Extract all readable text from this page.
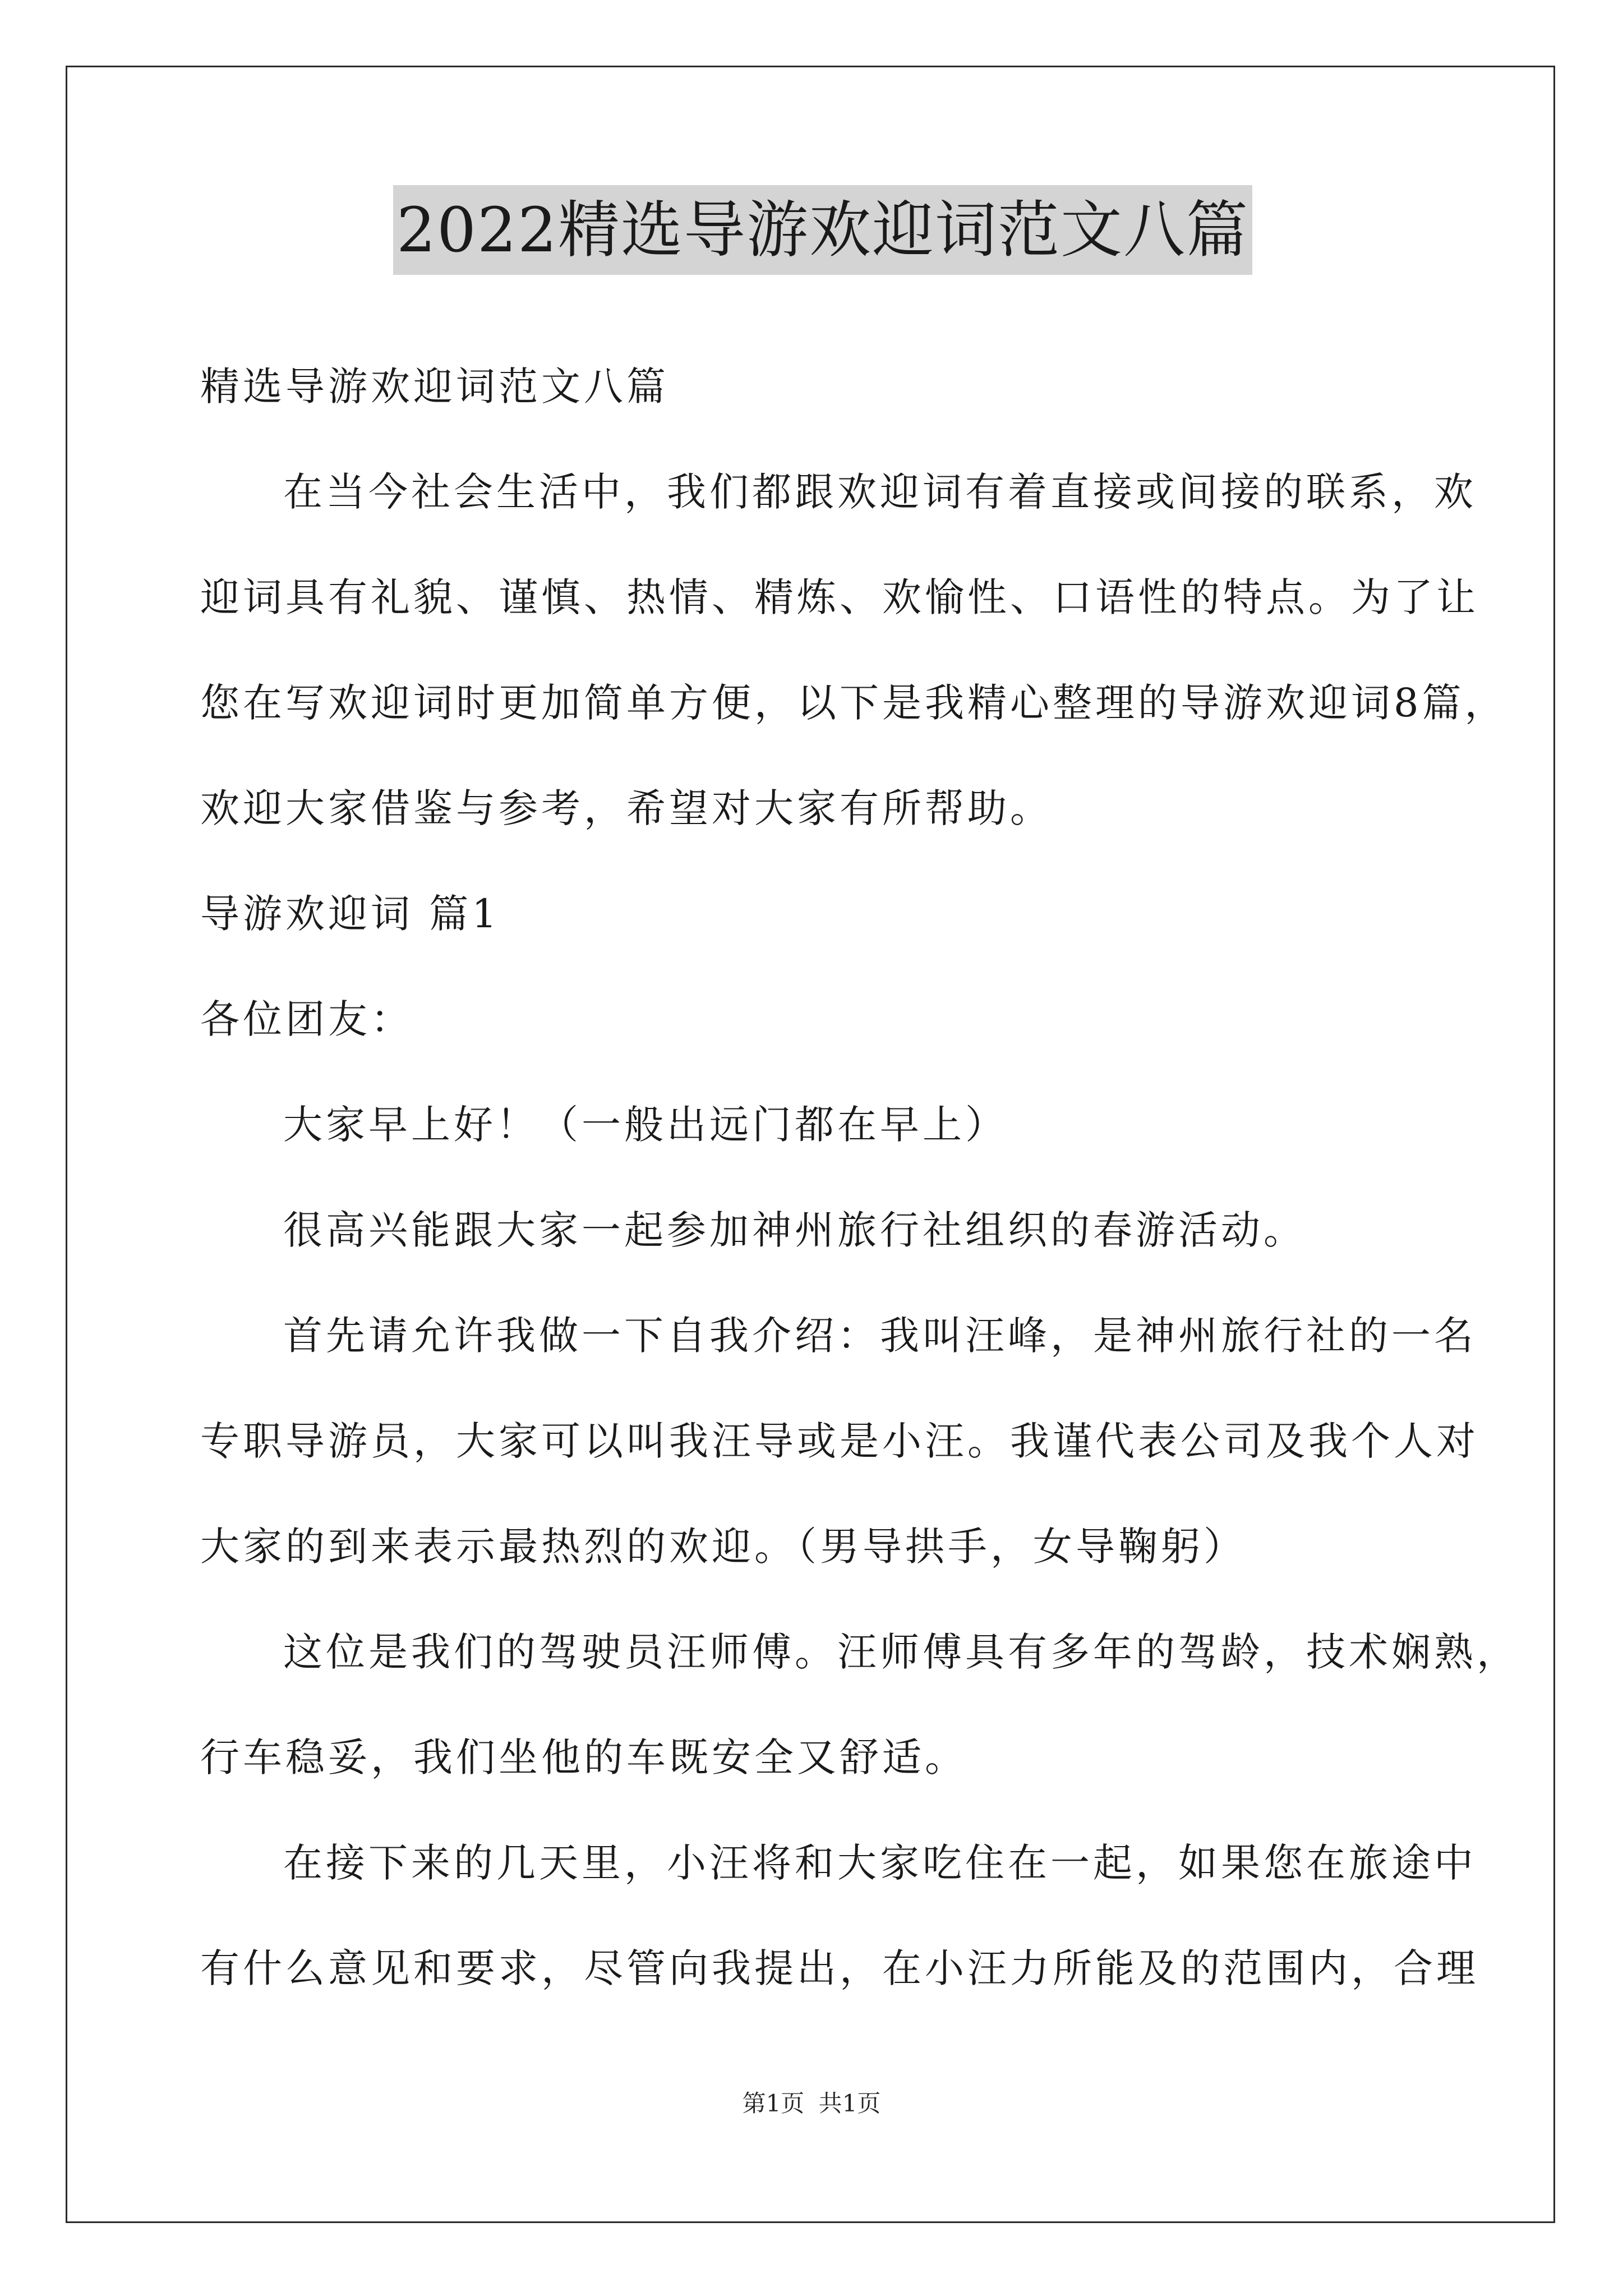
2022精选导游欢迎词范文八篇
精选导游欢迎词范文八篇
在当今社会生活中，我们都跟欢迎词有着直接或间接的联系，欢
迎词具有礼貌、谨慎、热情、精炼、欢愉性、口语性的特点。为了让
您在写欢迎词时更加简单方便，以下是我精心整理的导游欢迎词8篇，
欢迎大家借鉴与参考，希望对大家有所帮助。
导游欢迎词 篇1
各位团友：
大家早上好！（一般出远门都在早上）
很高兴能跟大家一起参加神州旅行社组织的春游活动。
首先请允许我做一下自我介绍：我叫汪峰，是神州旅行社的一名
专职导游员，大家可以叫我汪导或是小汪。我谨代表公司及我个人对
大家的到来表示最热烈的欢迎。（男导拱手，女导鞠躬）
这位是我们的驾驶员汪师傅。汪师傅具有多年的驾龄，技术娴熟，
行车稳妥，我们坐他的车既安全又舒适。
在接下来的几天里，小汪将和大家吃住在一起，如果您在旅途中
有什么意见和要求，尽管向我提出，在小汪力所能及的范围内，合理
第1页 共1页
